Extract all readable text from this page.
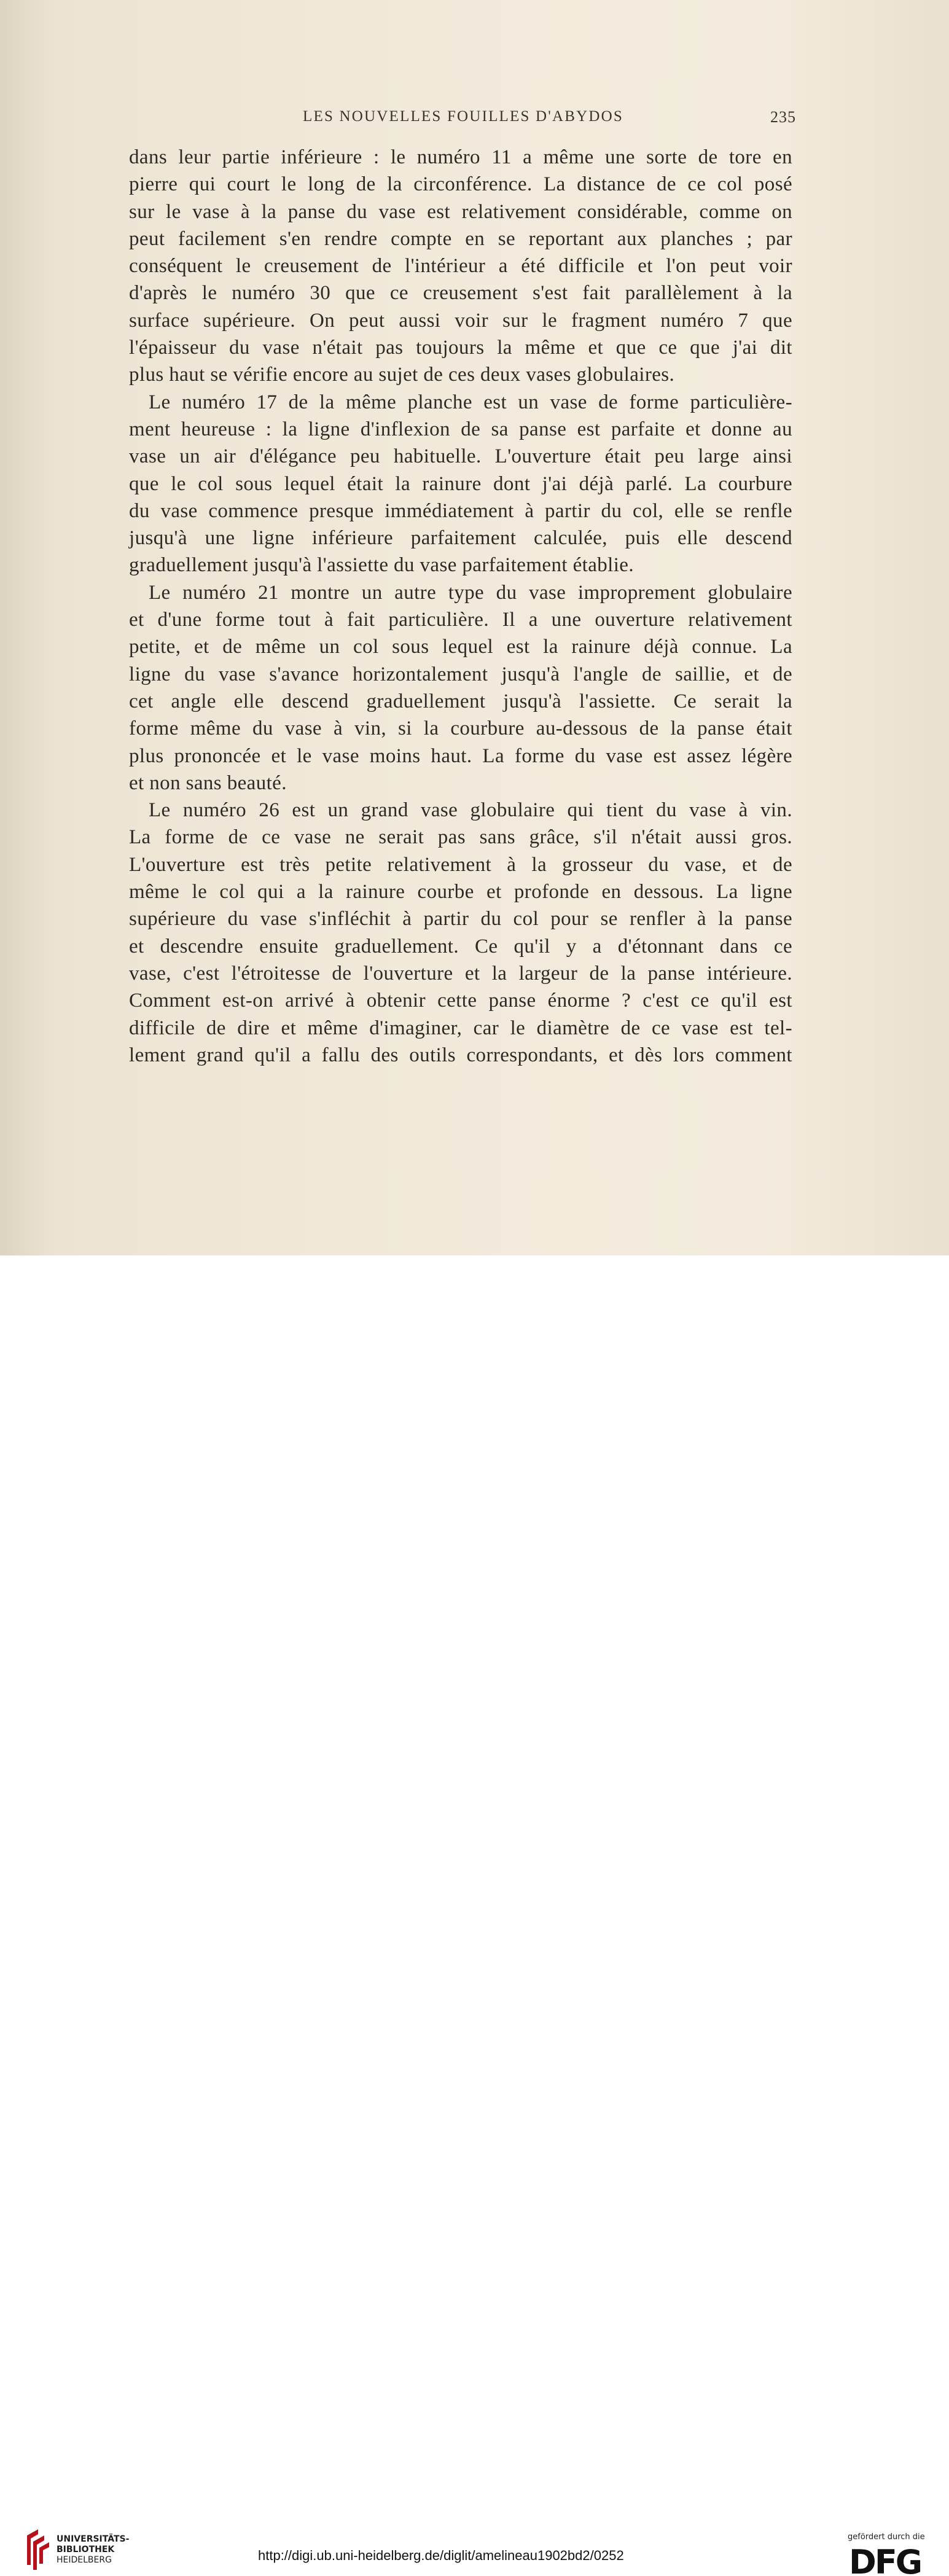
LES NOUVELLES FOUILLES D'ABYDOS	235
dans leur partie inférieure : le numéro 11 a même une sorte de tore en
pierre qui court le long de la circonférence. La distance de ce col posé
sur le vase à la panse du vase est relativement considérable, comme on
peut facilement s'en rendre compte en se reportant aux planches ; par
conséquent le creusement de l'intérieur a été difficile et l'on peut voir
d'après le numéro 30 que ce creusement s'est fait parallèlement à la
surface supérieure. On peut aussi voir sur le fragment numéro 7 que
l'épaisseur du vase n'était pas toujours la même et que ce que j'ai dit
plus haut se vérifie encore au sujet de ces deux vases globulaires.
Le numéro 17 de la même planche est un vase de forme particulière-
ment heureuse : la ligne d'inflexion de sa panse est parfaite et donne au
vase un air d'élégance peu habituelle. L'ouverture était peu large ainsi
que le col sous lequel était la rainure dont j'ai déjà parlé. La courbure
du vase commence presque immédiatement à partir du col, elle se renfle
jusqu'à une ligne inférieure parfaitement calculée, puis elle descend
graduellement jusqu'à l'assiette du vase parfaitement établie.
Le numéro 21 montre un autre type du vase improprement globulaire
et d'une forme tout à fait particulière. Il a une ouverture relativement
petite, et de même un col sous lequel est la rainure déjà connue. La
ligne du vase s'avance horizontalement jusqu'à l'angle de saillie, et de
cet angle elle descend graduellement jusqu'à l'assiette. Ce serait la
forme même du vase à vin, si la courbure au-dessous de la panse était
plus prononcée et le vase moins haut. La forme du vase est assez légère
et non sans beauté.
Le numéro 26 est un grand vase globulaire qui tient du vase à vin.
La forme de ce vase ne serait pas sans grâce, s'il n'était aussi gros.
L'ouverture est très petite relativement à la grosseur du vase, et de
même le col qui a la rainure courbe et profonde en dessous. La ligne
supérieure du vase s'infléchit à partir du col pour se renfler à la panse
et descendre ensuite graduellement. Ce qu'il y a d'étonnant dans ce
vase, c'est l'étroitesse de l'ouverture et la largeur de la panse intérieure.
Comment est-on arrivé à obtenir cette panse énorme ? c'est ce qu'il est
difficile de dire et même d'imaginer, car le diamètre de ce vase est tel-
lement grand qu'il a fallu des outils correspondants, et dès lors comment
UNIVERSITÄTS-
BIBLIOTHEK
HEIDELBERG	http://digi.ub.uni-heidelberg.de/diglit/amelineau1902bd2/0252
gefördert durch die
DFG
